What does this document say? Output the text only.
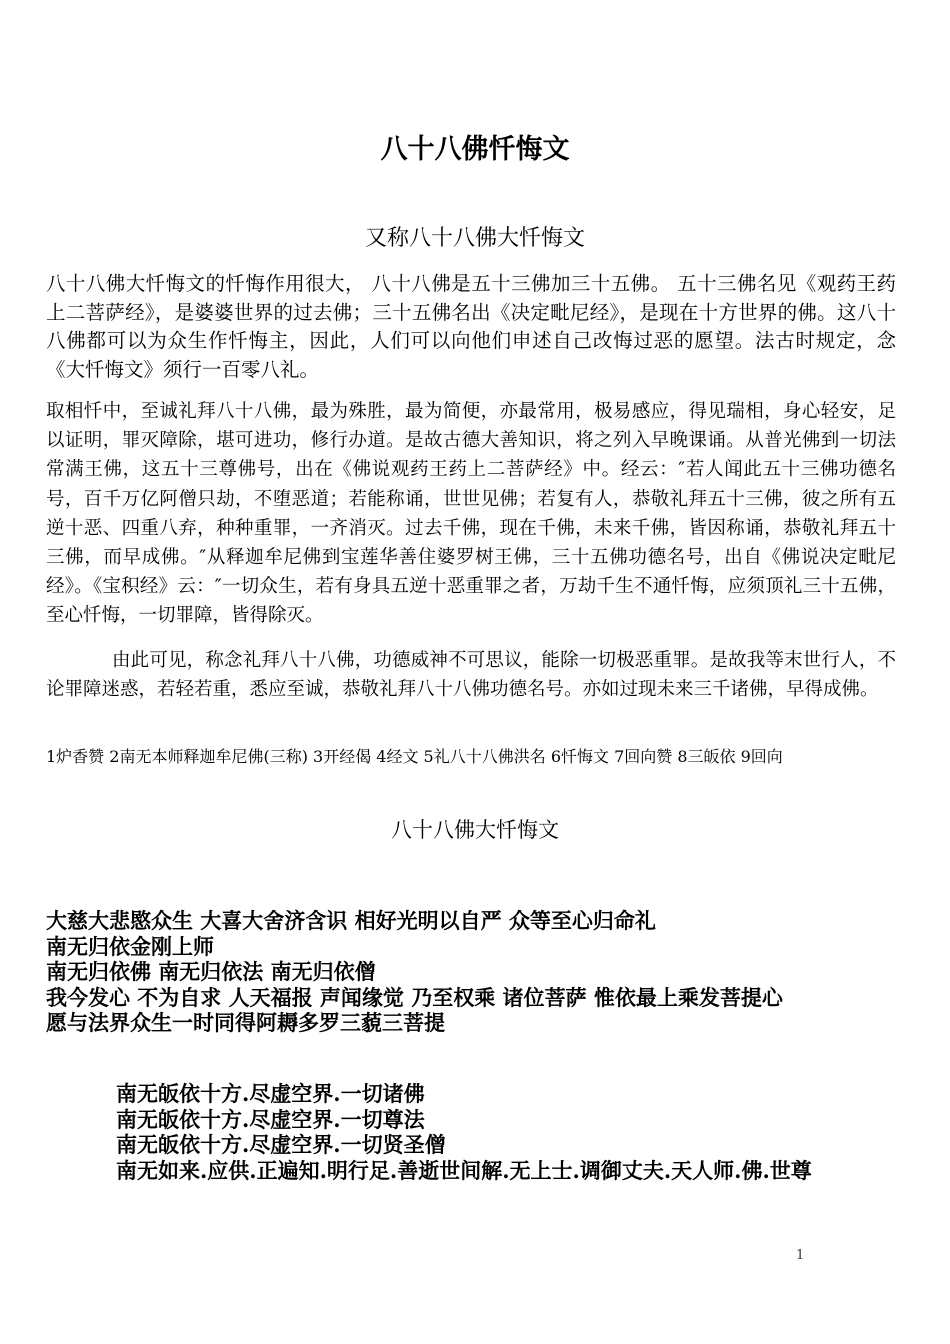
八十八佛忏悔文
又称八十八佛大忏悔文

八十八佛大忏悔文的忏悔作用很大， 八十八佛是五十三佛加三十五佛。 五十三佛名见《观药王药上二菩萨经》，是婆婆世界的过去佛；三十五佛名出《决定毗尼经》，是现在十方世界的佛。这八十八佛都可以为众生作忏悔主，因此，人们可以向他们申述自己改悔过恶的愿望。法古时规定，念《大忏悔文》须行一百零八礼。

取相忏中，至诚礼拜八十八佛，最为殊胜，最为简便，亦最常用，极易感应，得见瑞相，身心轻安，足以证明，罪灭障除，堪可进功，修行办道。是故古德大善知识，将之列入早晚课诵。从普光佛到一切法常满王佛，这五十三尊佛号，出在《佛说观药王药上二菩萨经》中。经云：″若人闻此五十三佛功德名号，百千万亿阿僧只劫，不堕恶道；若能称诵，世世见佛；若复有人，恭敬礼拜五十三佛，彼之所有五逆十恶、四重八弃，种种重罪，一齐消灭。过去千佛，现在千佛，未来千佛，皆因称诵，恭敬礼拜五十三佛，而早成佛。″从释迦牟尼佛到宝莲华善住婆罗树王佛，三十五佛功德名号，出自《佛说决定毗尼经》。《宝积经》云：″一切众生，若有身具五逆十恶重罪之者，万劫千生不通忏悔，应须顶礼三十五佛，至心忏悔，一切罪障，皆得除灭。

由此可见，称念礼拜八十八佛，功德威神不可思议，能除一切极恶重罪。是故我等末世行人，不论罪障迷惑，若轻若重，悉应至诚，恭敬礼拜八十八佛功德名号。亦如过现未来三千诸佛，早得成佛。

1炉香赞 2南无本师释迦牟尼佛(三称) 3开经偈 4经文 5礼八十八佛洪名 6忏悔文 7回向赞 8三皈依 9回向

八十八佛大忏悔文
大慈大悲愍众生 大喜大舍济含识 相好光明以自严 众等至心归命礼
南无归依金刚上师
南无归依佛 南无归依法 南无归依僧
我今发心 不为自求 人天福报 声闻缘觉 乃至权乘 诸位菩萨 惟依最上乘发菩提心
愿与法界众生一时同得阿耨多罗三藐三菩提
南无皈依十方.尽虚空界.一切诸佛
南无皈依十方.尽虚空界.一切尊法
南无皈依十方.尽虚空界.一切贤圣僧
南无如来.应供.正遍知.明行足.善逝世间解.无上士.调御丈夫.天人师.佛.世尊
1
